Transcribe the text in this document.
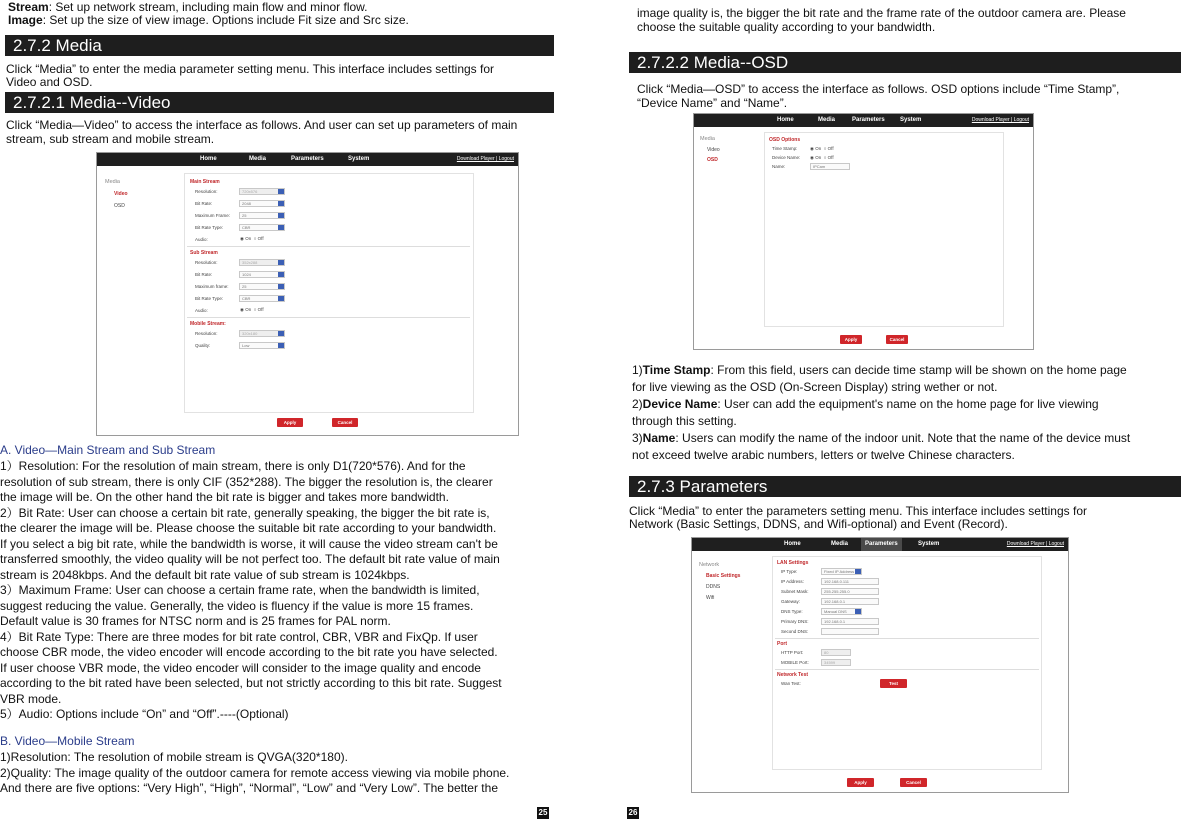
Stream: Set up network stream, including main flow and minor flow.
Image: Set up the size of view image. Options include Fit size and Src size.
2.7.2 Media
Click “Media” to enter the media parameter setting menu. This interface includes settings for
Video and OSD.
2.7.2.1 Media--Video
Click “Media—Video” to access the interface as follows. And user can set up parameters of main
stream, sub stream and mobile stream.
Home	Media	Parameters	System	Download Player | Logout
Media
Video
OSD
Main Stream
Resolution:	720x576
Bit Rate:	2048
Maximum Frame:	25
Bit Rate Type:	CBR
Audio:	◉ On  ○ Off
Sub Stream
Resolution:	352x288
Bit Rate:	1024
Maximum frame:	25
Bit Rate Type:	CBR
Audio:	◉ On  ○ Off
Mobile Stream:
Resolution:	320x180
Quality:	Low
Apply	Cancel
A. Video—Main Stream and Sub Stream
1）Resolution: For the resolution of main stream, there is only D1(720*576). And for the
resolution of sub stream, there is only CIF (352*288). The bigger the resolution is, the clearer
the image will be. On the other hand the bit rate is bigger and takes more bandwidth.
2）Bit Rate: User can choose a certain bit rate, generally speaking, the bigger the bit rate is,
the clearer the image will be. Please choose the suitable bit rate according to your bandwidth.
If you select a big bit rate, while the bandwidth is worse, it will cause the video stream can't be
transferred smoothly, the video quality will be not perfect too. The default bit rate value of main
stream is 2048kbps. And the default bit rate value of sub stream is 1024kbps.
3）Maximum Frame: User can choose a certain frame rate, when the bandwidth is limited,
suggest reducing the value. Generally, the video is fluency if the value is more 15 frames.
Default value is 30 frames for NTSC norm and is 25 frames for PAL norm.
4）Bit Rate Type: There are three modes for bit rate control, CBR, VBR and FixQp. If user
choose CBR mode, the video encoder will encode according to the bit rate you have selected.
If user choose VBR mode, the video encoder will consider to the image quality and encode
according to the bit rated have been selected, but not strictly according to this bit rate. Suggest
VBR mode.
5）Audio: Options include “On” and “Off”.----(Optional)
B. Video—Mobile Stream
1)Resolution: The resolution of mobile stream is QVGA(320*180).
2)Quality: The image quality of the outdoor camera for remote access viewing via mobile phone.
And there are five options: “Very High”, “High”, “Normal”, “Low” and “Very Low”. The better the
25
image quality is, the bigger the bit rate and the frame rate of the outdoor camera are. Please
choose the suitable quality according to your bandwidth.
2.7.2.2 Media--OSD
Click “Media—OSD” to access the interface as follows. OSD options include “Time Stamp”,
“Device Name” and “Name”.
Home	Media	Parameters	System	Download Player | Logout
Media
Video
OSD
OSD Options
Time Stamp:	◉ On  ○ Off
Device Name: ◉ On  ○ Off
Name:	IPCam
Apply	Cancel
1)Time Stamp: From this field, users can decide time stamp will be shown on the home page
for live viewing as the OSD (On-Screen Display) string wether or not.
2)Device Name: User can add the equipment's name on the home page for live viewing
through this setting.
3)Name: Users can modify the name of the indoor unit. Note that the name of the device must
not exceed twelve arabic numbers, letters or twelve Chinese characters.
2.7.3 Parameters
Click “Media” to enter the parameters setting menu. This interface includes settings for
Network (Basic Settings, DDNS, and Wifi-optional) and Event (Record).
Home	Media	Parameters	System	Download Player | Logout
Network
Basic Settings
DDNS
Wifi
LAN Settings
IP Type:	Fixed IP Address
IP Address:	192.168.0.111
Subnet Mask:	255.255.255.0
Gateway:	192.168.0.1
DNS Type:	Manual DNS
Primary DNS:	192.168.0.1
Second DNS:
Port
HTTP Port:	80
MOBILE Port:	34599
Network Test
Wan Test:	Test
Apply	Cancel
26
